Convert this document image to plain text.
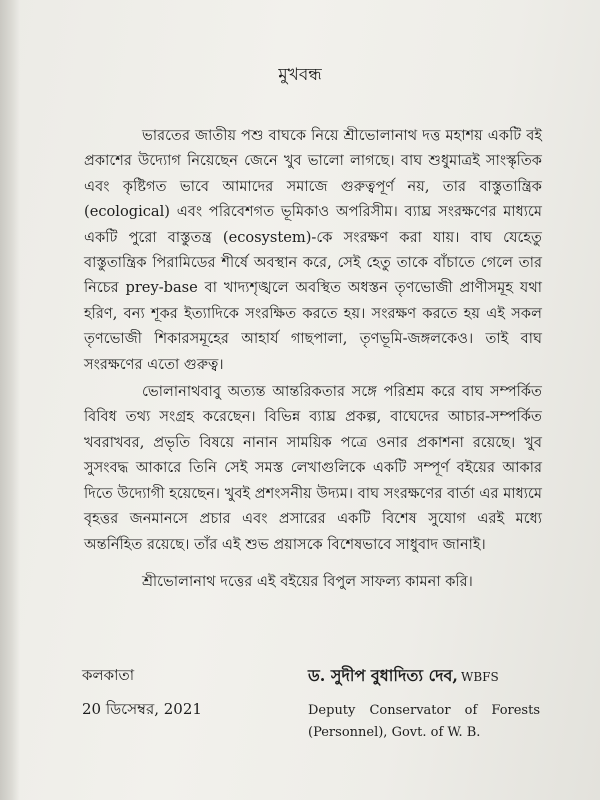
মুখবন্ধ

ভারতের জাতীয় পশু বাঘকে নিয়ে শ্রীভোলানাথ দত্ত মহাশয় একটি বই প্রকাশের উদ্যোগ নিয়েছেন জেনে খুব ভালো লাগছে। বাঘ শুধুমাত্রই সাংস্কৃতিক এবং কৃষ্টিগত ভাবে আমাদের সমাজে গুরুত্বপূর্ণ নয়, তার বাস্তুতান্ত্রিক (ecological) এবং পরিবেশগত ভূমিকাও অপরিসীম। ব্যাঘ্র সংরক্ষণের মাধ্যমে একটি পুরো বাস্তুতন্ত্র (ecosystem)-কে সংরক্ষণ করা যায়। বাঘ যেহেতু বাস্তুতান্ত্রিক পিরামিডের শীর্ষে অবস্থান করে, সেই হেতু তাকে বাঁচাতে গেলে তার নিচের prey-base বা খাদ্যশৃঙ্খলে অবস্থিত অধস্তন তৃণভোজী প্রাণীসমূহ যথা হরিণ, বন্য শূকর ইত্যাদিকে সংরক্ষিত করতে হয়। সংরক্ষণ করতে হয় এই সকল তৃণভোজী শিকারসমূহের আহার্য গাছপালা, তৃণভূমি-জঙ্গলকেও। তাই বাঘ সংরক্ষণের এতো গুরুত্ব।

ভোলানাথবাবু অত্যন্ত আন্তরিকতার সঙ্গে পরিশ্রম করে বাঘ সম্পর্কিত বিবিধ তথ্য সংগ্রহ করেছেন। বিভিন্ন ব্যাঘ্র প্রকল্প, বাঘেদের আচার-সম্পর্কিত খবরাখবর, প্রভৃতি বিষয়ে নানান সাময়িক পত্রে ওনার প্রকাশনা রয়েছে। খুব সুসংবদ্ধ আকারে তিনি সেই সমস্ত লেখাগুলিকে একটি সম্পূর্ণ বইয়ের আকার দিতে উদ্যোগী হয়েছেন। খুবই প্রশংসনীয় উদ্যম। বাঘ সংরক্ষণের বার্তা এর মাধ্যমে বৃহত্তর জনমানসে প্রচার এবং প্রসারের একটি বিশেষ সুযোগ এরই মধ্যে অন্তর্নিহিত রয়েছে। তাঁর এই শুভ প্রয়াসকে বিশেষভাবে সাধুবাদ জানাই।

শ্রীভোলানাথ দত্তের এই বইয়ের বিপুল সাফল্য কামনা করি।

কলকাতা
20 ডিসেম্বর, 2021
ড. সুদীপ বুধাদিত্য দেব, WBFS
Deputy Conservator of Forests (Personnel), Govt. of W. B.
